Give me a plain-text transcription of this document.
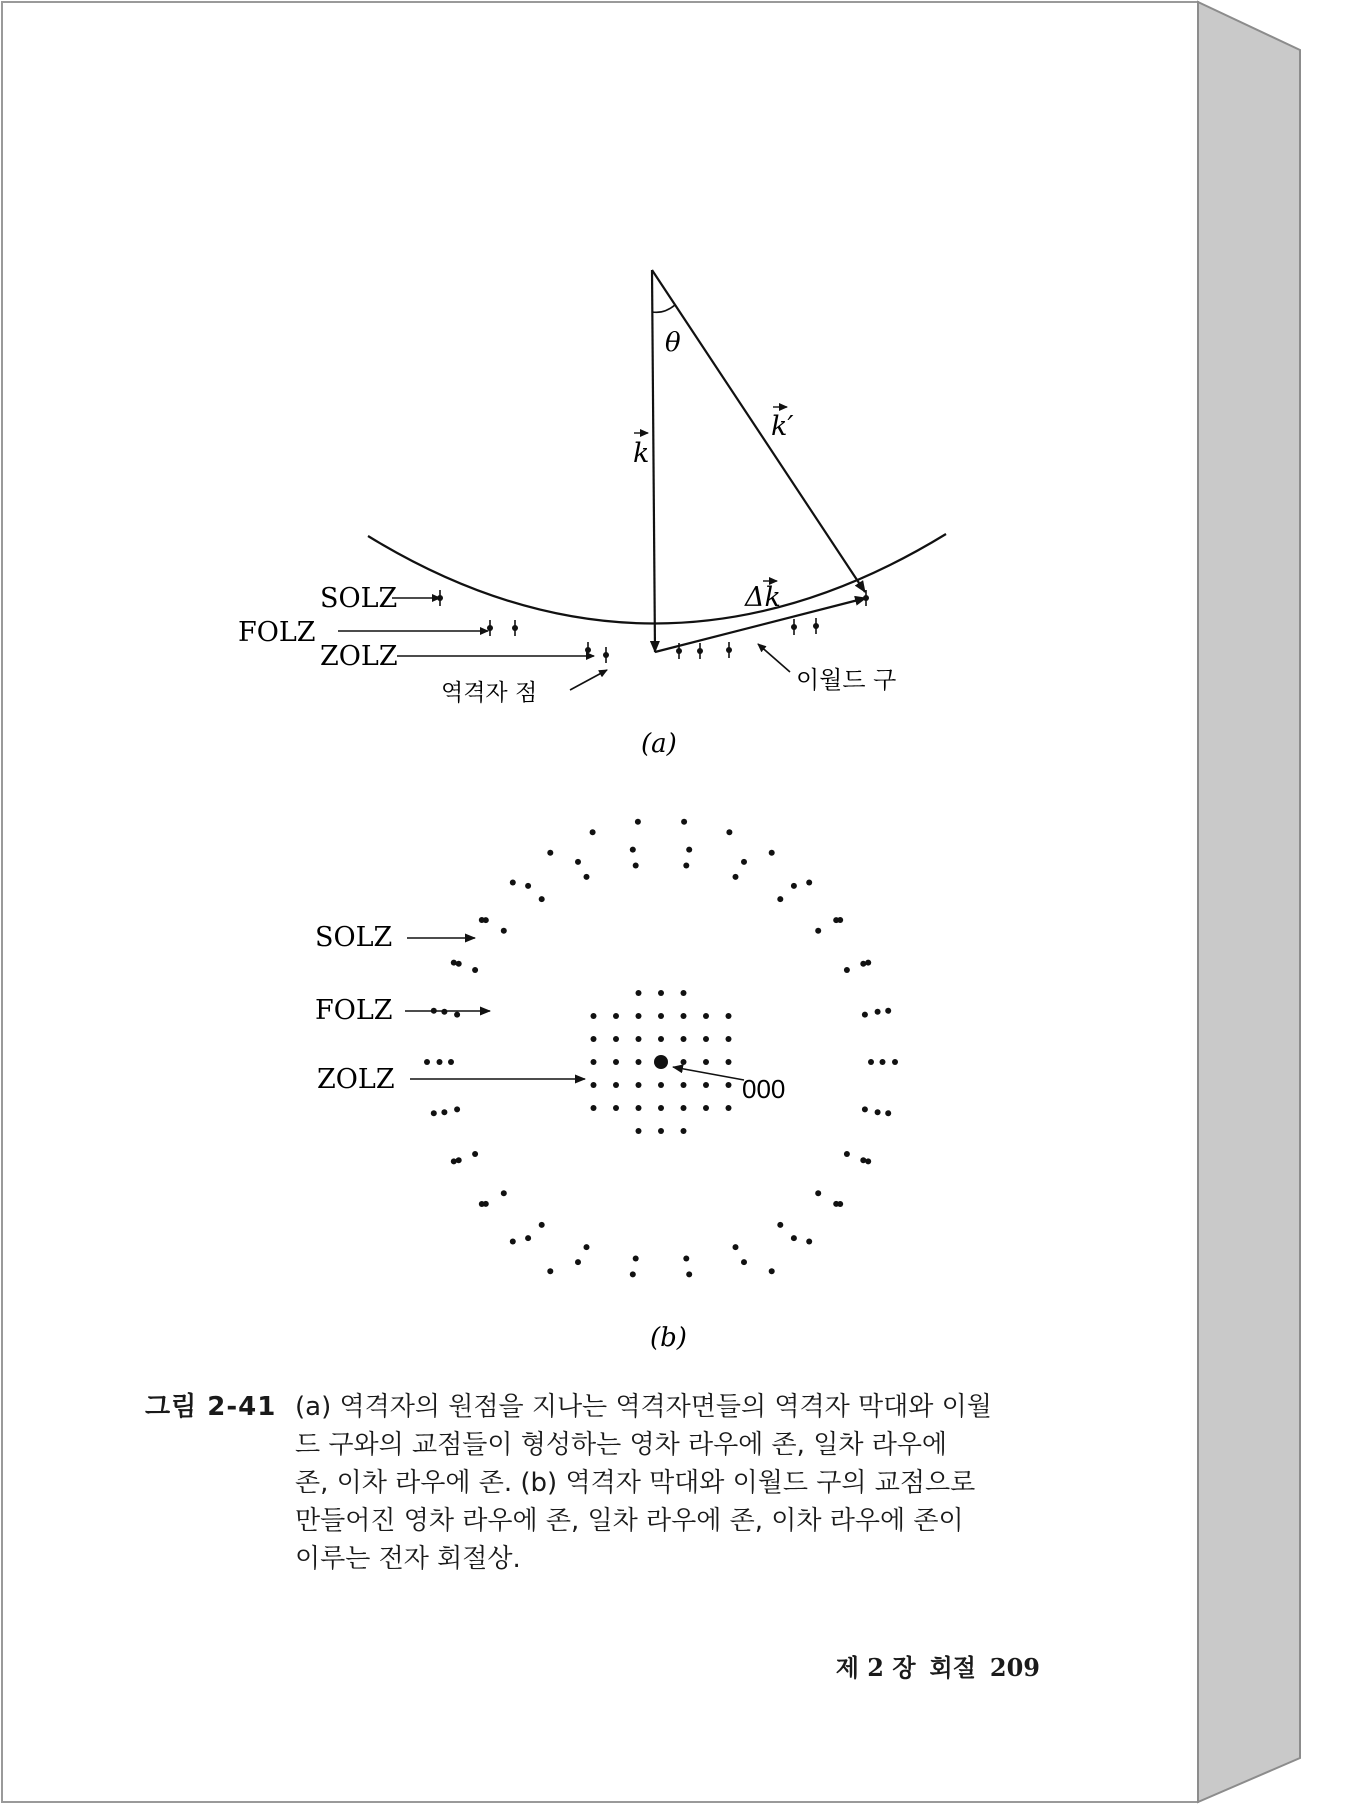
θ
k
k′
Δk
SOLZ
FOLZ
ZOLZ
역격자 점	이월드 구
(a)
SOLZ
FOLZ
ZOLZ	000
(b)
그림 2-41 (a) 역격자의 원점을 지나는 역격자면들의 역격자 막대와 이월
드 구와의 교점들이 형성하는 영차 라우에 존, 일차 라우에
존, 이차 라우에 존. (b) 역격자 막대와 이월드 구의 교점으로
만들어진 영차 라우에 존, 일차 라우에 존, 이차 라우에 존이
이루는 전자 회절상.
제 2 장 회절 209
